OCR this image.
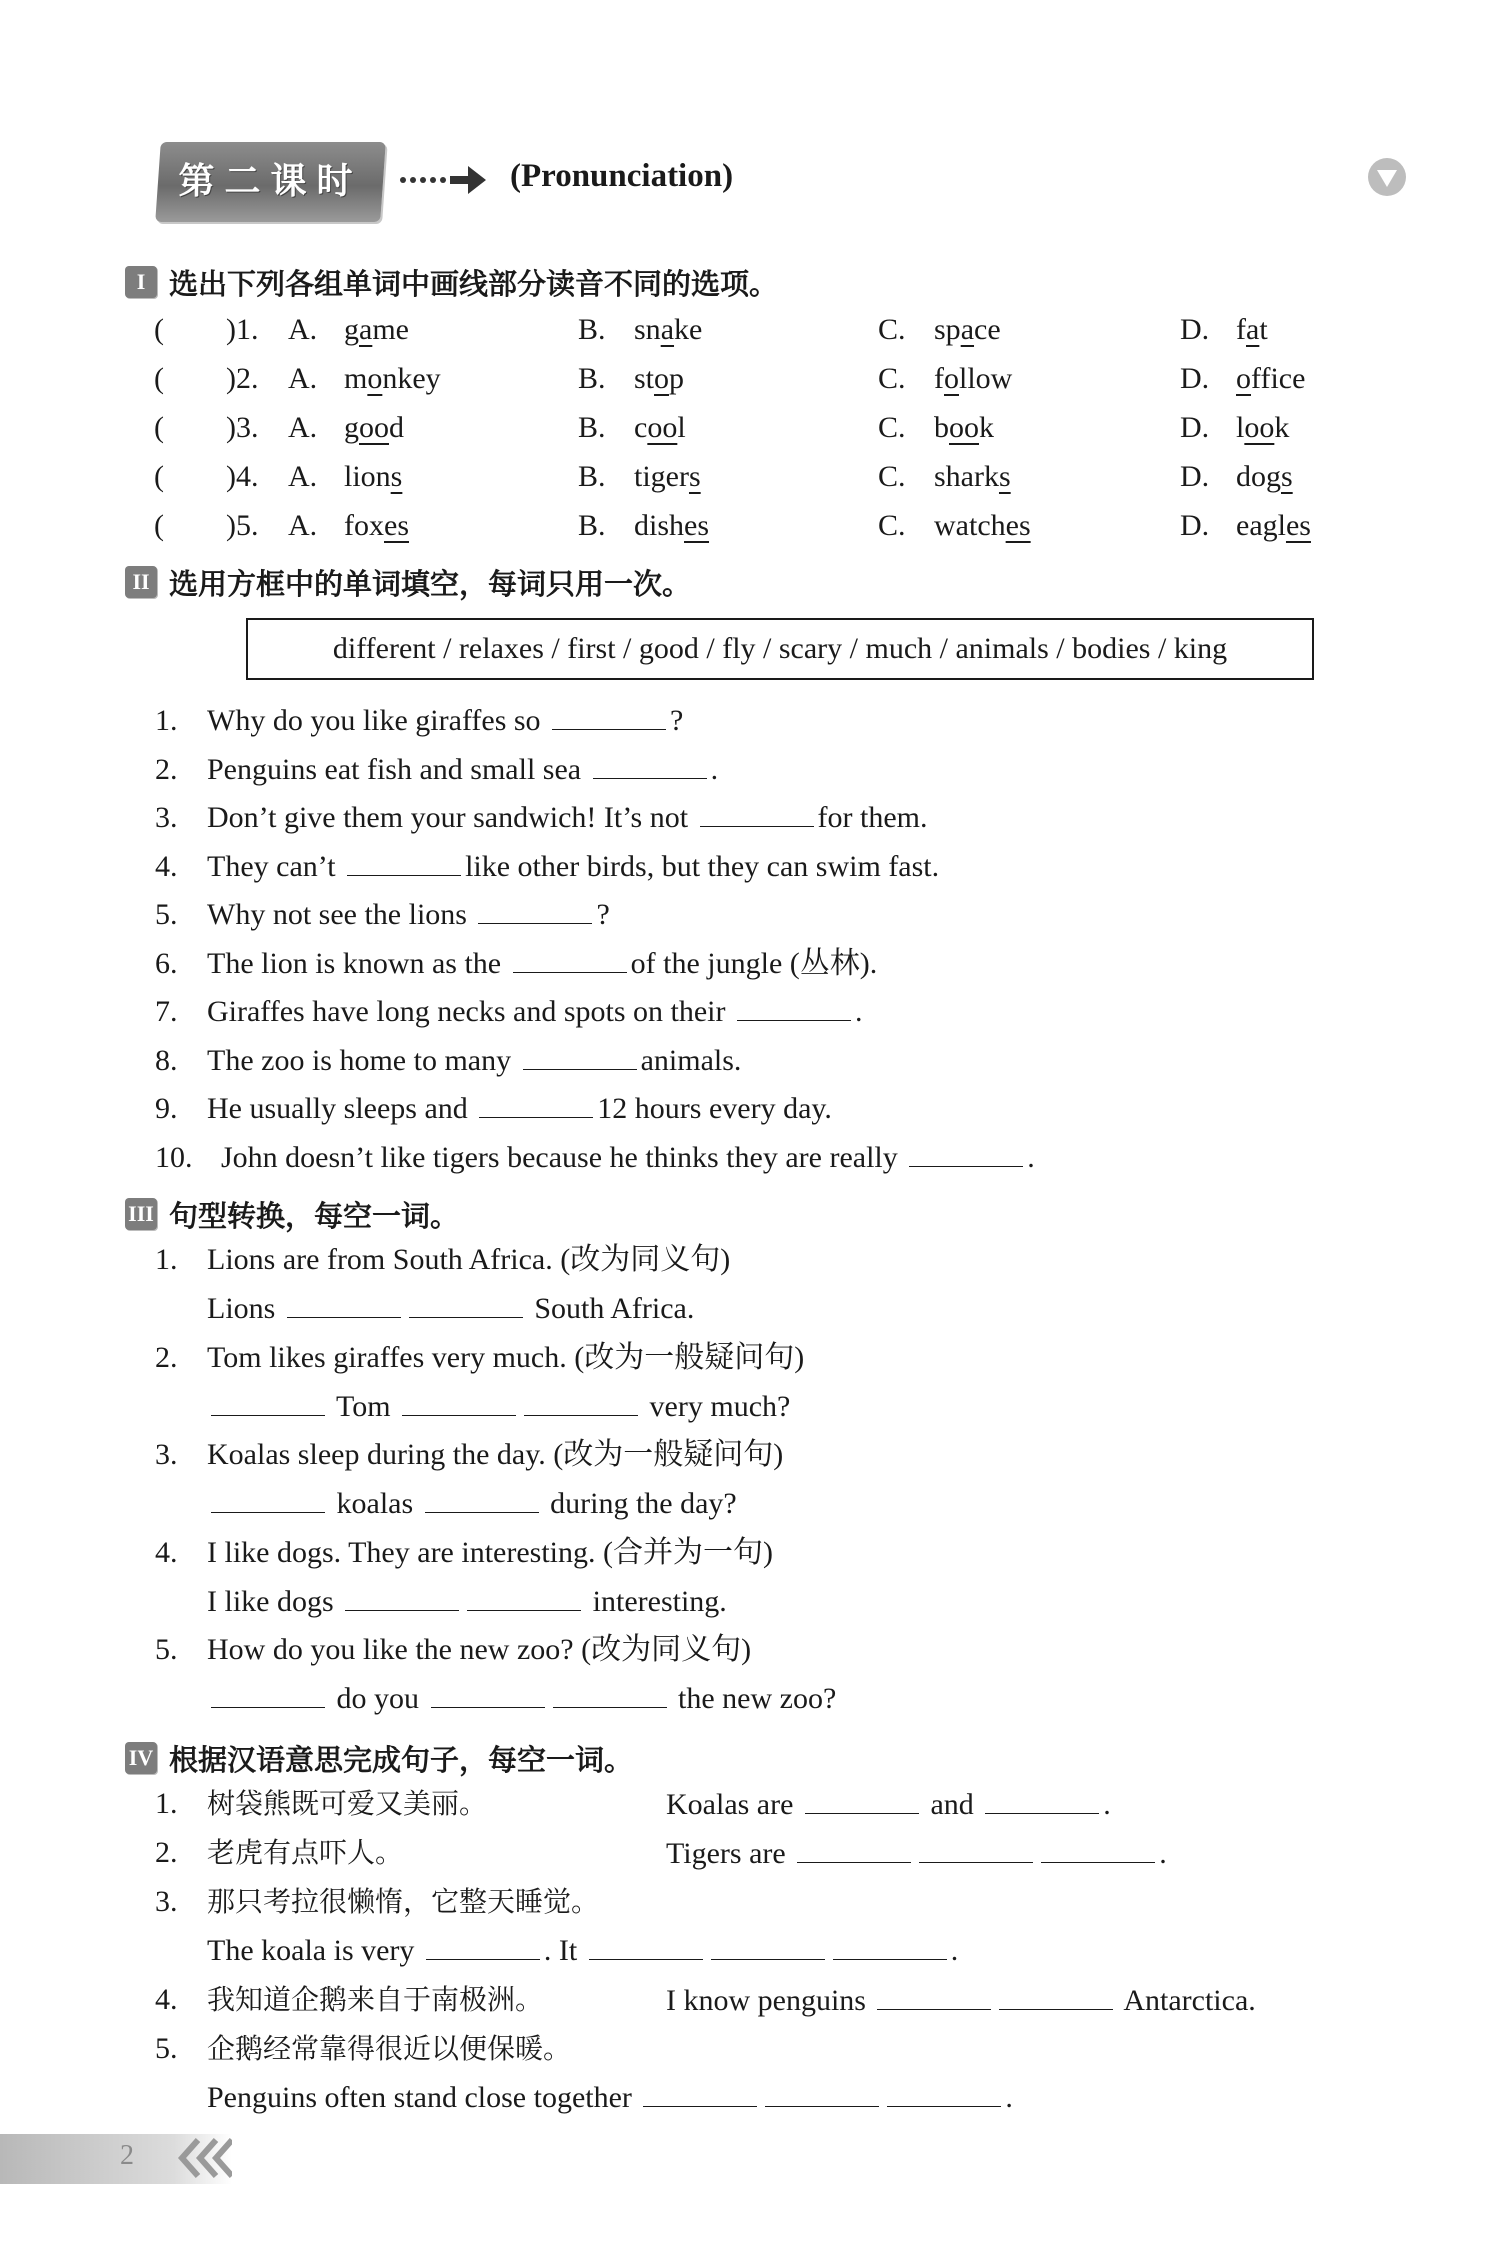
第二课时	(Pronunciation)
I 选出下列各组单词中画线部分读音不同的选项。
( )1. A. game	B. snake	C. space	D. fat
( )2. A. monkey	B. stop	C. follow	D. office
( )3. A. good	B. cool	C. book	D. look
( )4. A. lions	B. tigers	C. sharks	D. dogs
( )5. A. foxes	B. dishes	C. watches	D. eagles
II 选用方框中的单词填空，每词只用一次。
different / relaxes / first / good / fly / scary / much / animals / bodies / king
1. Why do you like giraffes so	?
2. Penguins eat fish and small sea	.
3. Don’t give them your sandwich! It’s not	for them.
4. They can’t	like other birds, but they can swim fast.
5. Why not see the lions	?
6. The lion is known as the	of the jungle (丛林).
7. Giraffes have long necks and spots on their	.
8. The zoo is home to many	animals.
9. He usually sleeps and	12 hours every day.
10. John doesn’t like tigers because he thinks they are really	.
III 句型转换，每空一词。
1. Lions are from South Africa. (改为同义句)
Lions	South Africa.
2. Tom likes giraffes very much. (改为一般疑问句)
Tom	very much?
3. Koalas sleep during the day. (改为一般疑问句)
koalas	during the day?
4. I like dogs. They are interesting. (合并为一句)
I like dogs	interesting.
5. How do you like the new zoo? (改为同义句)
do you	the new zoo?
IV 根据汉语意思完成句子，每空一词。
1. 树袋熊既可爱又美丽。	Koalas are	and	.
2. 老虎有点吓人。	Tigers are	.
3. 那只考拉很懒惰，它整天睡觉。
The koala is very	. It	.
4. 我知道企鹅来自于南极洲。	I know penguins	Antarctica.
5. 企鹅经常靠得很近以便保暖。
Penguins often stand close together	.
2
